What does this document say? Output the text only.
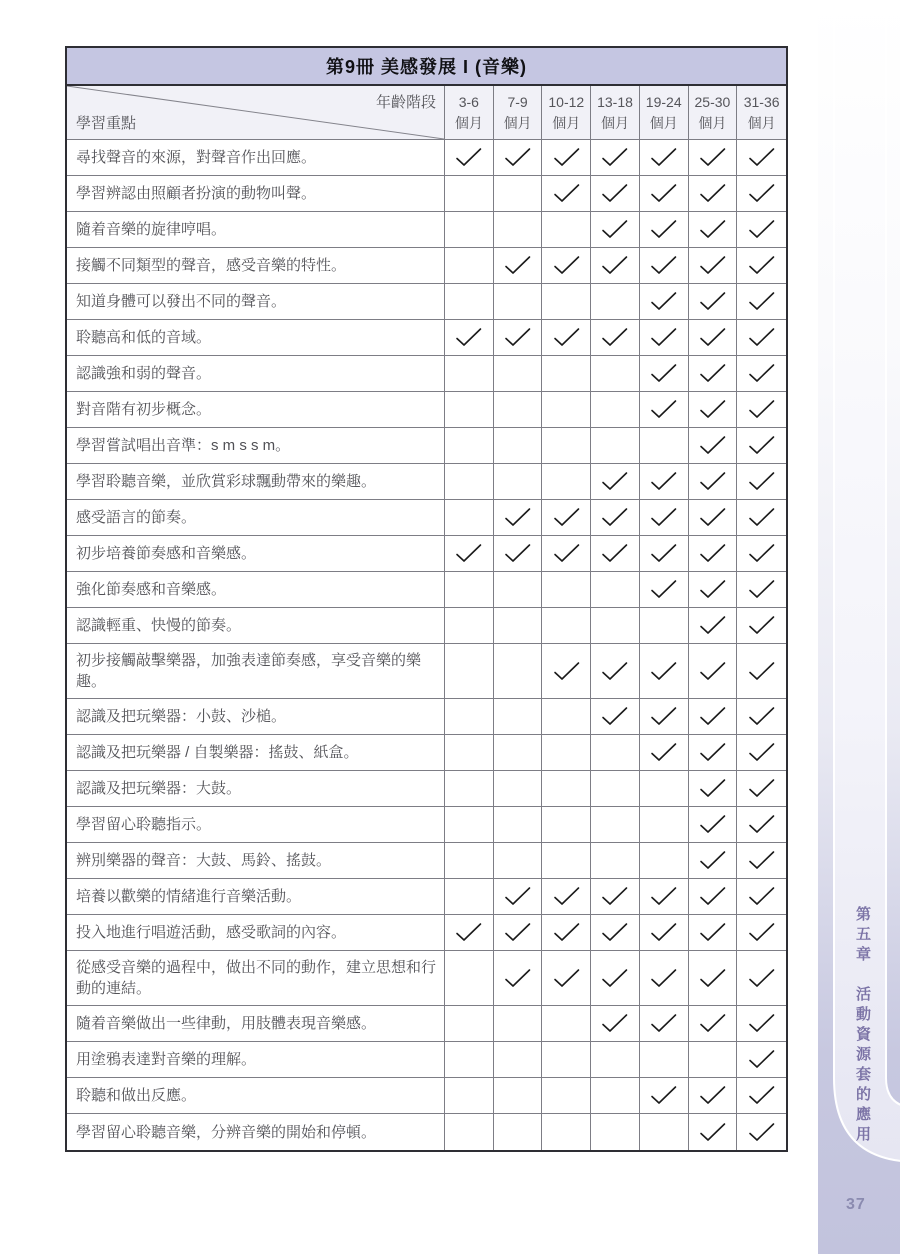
第五章
活動資源套的應用
37
第9冊 美感發展 I (音樂)
年齡階段
學習重點
3-6
個月
7-9
個月
10-12
個月
13-18
個月
19-24
個月
25-30
個月
31-36
個月
尋找聲音的來源，對聲音作出回應。
學習辨認由照顧者扮演的動物叫聲。
隨着音樂的旋律哼唱。
接觸不同類型的聲音，感受音樂的特性。
知道身體可以發出不同的聲音。
聆聽高和低的音域。
認識強和弱的聲音。
對音階有初步概念。
學習嘗試唱出音準：s m s s m。
學習聆聽音樂，並欣賞彩球飄動帶來的樂趣。
感受語言的節奏。
初步培養節奏感和音樂感。
強化節奏感和音樂感。
認識輕重、快慢的節奏。
初步接觸敲擊樂器，加強表達節奏感，享受音樂的樂趣。
認識及把玩樂器：小鼓、沙槌。
認識及把玩樂器 / 自製樂器：搖鼓、紙盒。
認識及把玩樂器：大鼓。
學習留心聆聽指示。
辨別樂器的聲音：大鼓、馬鈴、搖鼓。
培養以歡樂的情緒進行音樂活動。
投入地進行唱遊活動，感受歌詞的內容。
從感受音樂的過程中，做出不同的動作，建立思想和行動的連結。
隨着音樂做出一些律動，用肢體表現音樂感。
用塗鴉表達對音樂的理解。
聆聽和做出反應。
學習留心聆聽音樂，分辨音樂的開始和停頓。
